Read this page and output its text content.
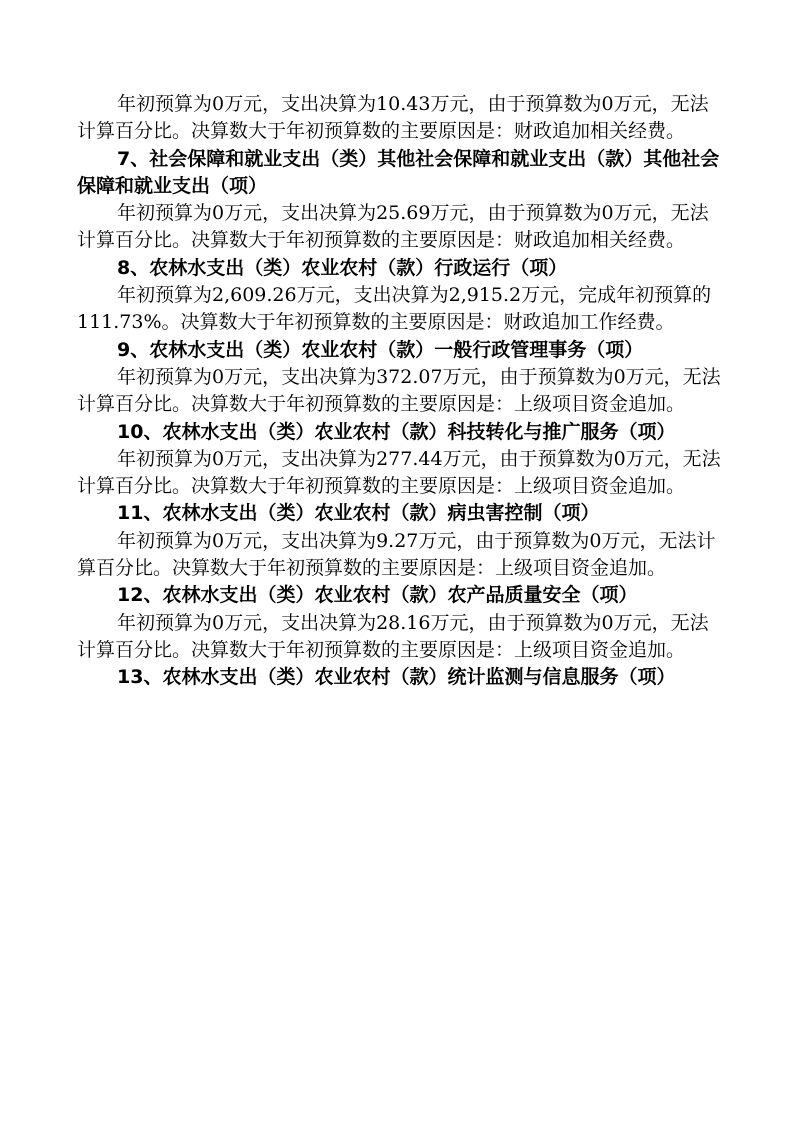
年初预算为0万元，支出决算为10.43万元，由于预算数为0万元，无法计算百分比。决算数大于年初预算数的主要原因是：财政追加相关经费。

7、社会保障和就业支出（类）其他社会保障和就业支出（款）其他社会保障和就业支出（项）

年初预算为0万元，支出决算为25.69万元，由于预算数为0万元，无法计算百分比。决算数大于年初预算数的主要原因是：财政追加相关经费。

8、农林水支出（类）农业农村（款）行政运行（项）

年初预算为2,609.26万元，支出决算为2,915.2万元，完成年初预算的111.73%。决算数大于年初预算数的主要原因是：财政追加工作经费。

9、农林水支出（类）农业农村（款）一般行政管理事务（项）

年初预算为0万元，支出决算为372.07万元，由于预算数为0万元，无法计算百分比。决算数大于年初预算数的主要原因是：上级项目资金追加。

10、农林水支出（类）农业农村（款）科技转化与推广服务（项）

年初预算为0万元，支出决算为277.44万元，由于预算数为0万元，无法计算百分比。决算数大于年初预算数的主要原因是：上级项目资金追加。

11、农林水支出（类）农业农村（款）病虫害控制（项）

年初预算为0万元，支出决算为9.27万元，由于预算数为0万元，无法计算百分比。决算数大于年初预算数的主要原因是：上级项目资金追加。

12、农林水支出（类）农业农村（款）农产品质量安全（项）

年初预算为0万元，支出决算为28.16万元，由于预算数为0万元，无法计算百分比。决算数大于年初预算数的主要原因是：上级项目资金追加。

13、农林水支出（类）农业农村（款）统计监测与信息服务（项）
